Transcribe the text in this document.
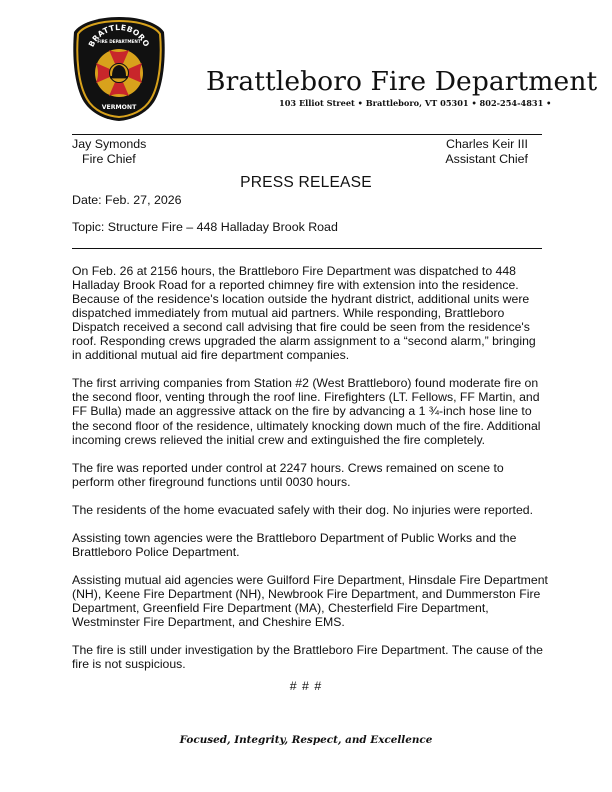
BRATTLEBORO
FIRE DEPARTMENT
VERMONT
Brattleboro Fire Department
103 Elliot Street • Brattleboro, VT 05301 • 802-254-4831 •
Jay Symonds
Fire Chief
Charles Keir III
Assistant Chief
PRESS RELEASE
Date: Feb. 27, 2026
Topic: Structure Fire – 448 Halladay Brook Road

On Feb. 26 at 2156 hours, the Brattleboro Fire Department was dispatched to 448 Halladay Brook Road for a reported chimney fire with extension into the residence. Because of the residence's location outside the hydrant district, additional units were dispatched immediately from mutual aid partners. While responding, Brattleboro Dispatch received a second call advising that fire could be seen from the residence's roof. Responding crews upgraded the alarm assignment to a “second alarm,” bringing in additional mutual aid fire department companies.

The first arriving companies from Station #2 (West Brattleboro) found moderate fire on the second floor, venting through the roof line. Firefighters (LT. Fellows, FF Martin, and FF Bulla) made an aggressive attack on the fire by advancing a 1 ¾-inch hose line to the second floor of the residence, ultimately knocking down much of the fire. Additional incoming crews relieved the initial crew and extinguished the fire completely.

The fire was reported under control at 2247 hours. Crews remained on scene to perform other fireground functions until 0030 hours.

The residents of the home evacuated safely with their dog. No injuries were reported.

Assisting town agencies were the Brattleboro Department of Public Works and the Brattleboro Police Department.

Assisting mutual aid agencies were Guilford Fire Department, Hinsdale Fire Department (NH), Keene Fire Department (NH), Newbrook Fire Department, and Dummerston Fire Department, Greenfield Fire Department (MA), Chesterfield Fire Department, Westminster Fire Department, and Cheshire EMS.

The fire is still under investigation by the Brattleboro Fire Department. The cause of the fire is not suspicious.

# # #
Focused, Integrity, Respect, and Excellence
